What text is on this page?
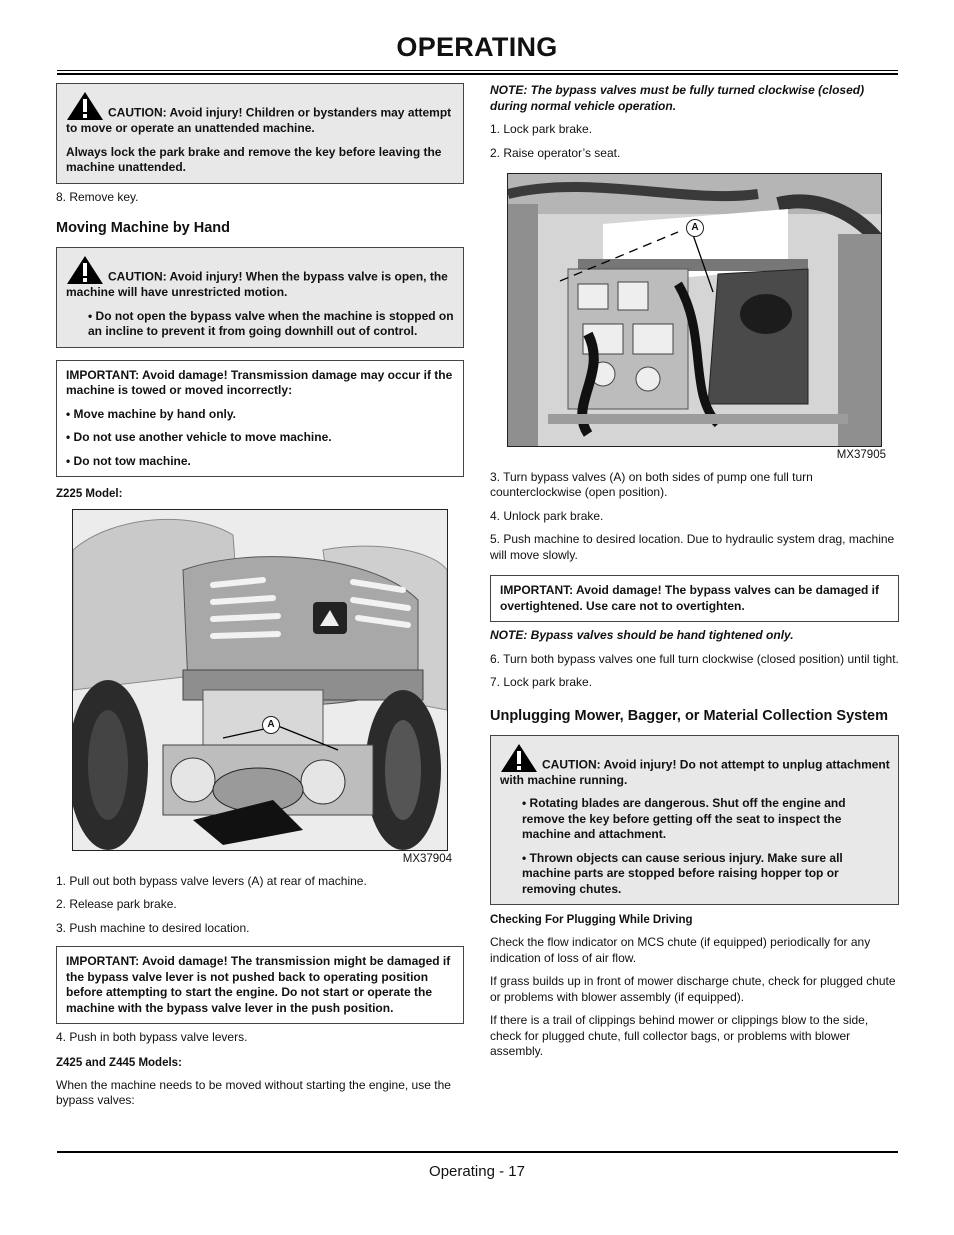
OPERATING

CAUTION: Avoid injury! Children or bystanders may attempt to move or operate an unattended machine.

Always lock the park brake and remove the key before leaving the machine unattended.

8. Remove key.

Moving Machine by Hand

CAUTION: Avoid injury! When the bypass valve is open, the machine will have unrestricted motion.

• Do not open the bypass valve when the machine is stopped on an incline to prevent it from going downhill out of control.

IMPORTANT: Avoid damage! Transmission damage may occur if the machine is towed or moved incorrectly:

• Move machine by hand only.

• Do not use another vehicle to move machine.

• Do not tow machine.

Z225 Model:
A
MX37904

1. Pull out both bypass valve levers (A) at rear of machine.

2. Release park brake.

3. Push machine to desired location.

IMPORTANT: Avoid damage! The transmission might be damaged if the bypass valve lever is not pushed back to operating position before attempting to start the engine. Do not start or operate the machine with the bypass valve lever in the push position.

4. Push in both bypass valve levers.

Z425 and Z445 Models:

When the machine needs to be moved without starting the engine, use the bypass valves:

NOTE: The bypass valves must be fully turned clockwise (closed) during normal vehicle operation.

1. Lock park brake.

2. Raise operator’s seat.

A
MX37905

3. Turn bypass valves (A) on both sides of pump one full turn counterclockwise (open position).

4. Unlock park brake.

5. Push machine to desired location. Due to hydraulic system drag, machine will move slowly.

IMPORTANT: Avoid damage! The bypass valves can be damaged if overtightened. Use care not to overtighten.

NOTE: Bypass valves should be hand tightened only.

6. Turn both bypass valves one full turn clockwise (closed position) until tight.

7. Lock park brake.

Unplugging Mower, Bagger, or Material Collection System

CAUTION: Avoid injury! Do not attempt to unplug attachment with machine running.

• Rotating blades are dangerous. Shut off the engine and remove the key before getting off the seat to inspect the machine and attachment.

• Thrown objects can cause serious injury. Make sure all machine parts are stopped before raising hopper top or removing chutes.

Checking For Plugging While Driving

Check the flow indicator on MCS chute (if equipped) periodically for any indication of loss of air flow.

If grass builds up in front of mower discharge chute, check for plugged chute or problems with blower assembly (if equipped).

If there is a trail of clippings behind mower or clippings blow to the side, check for plugged chute, full collector bags, or problems with blower assembly.

Operating - 17
